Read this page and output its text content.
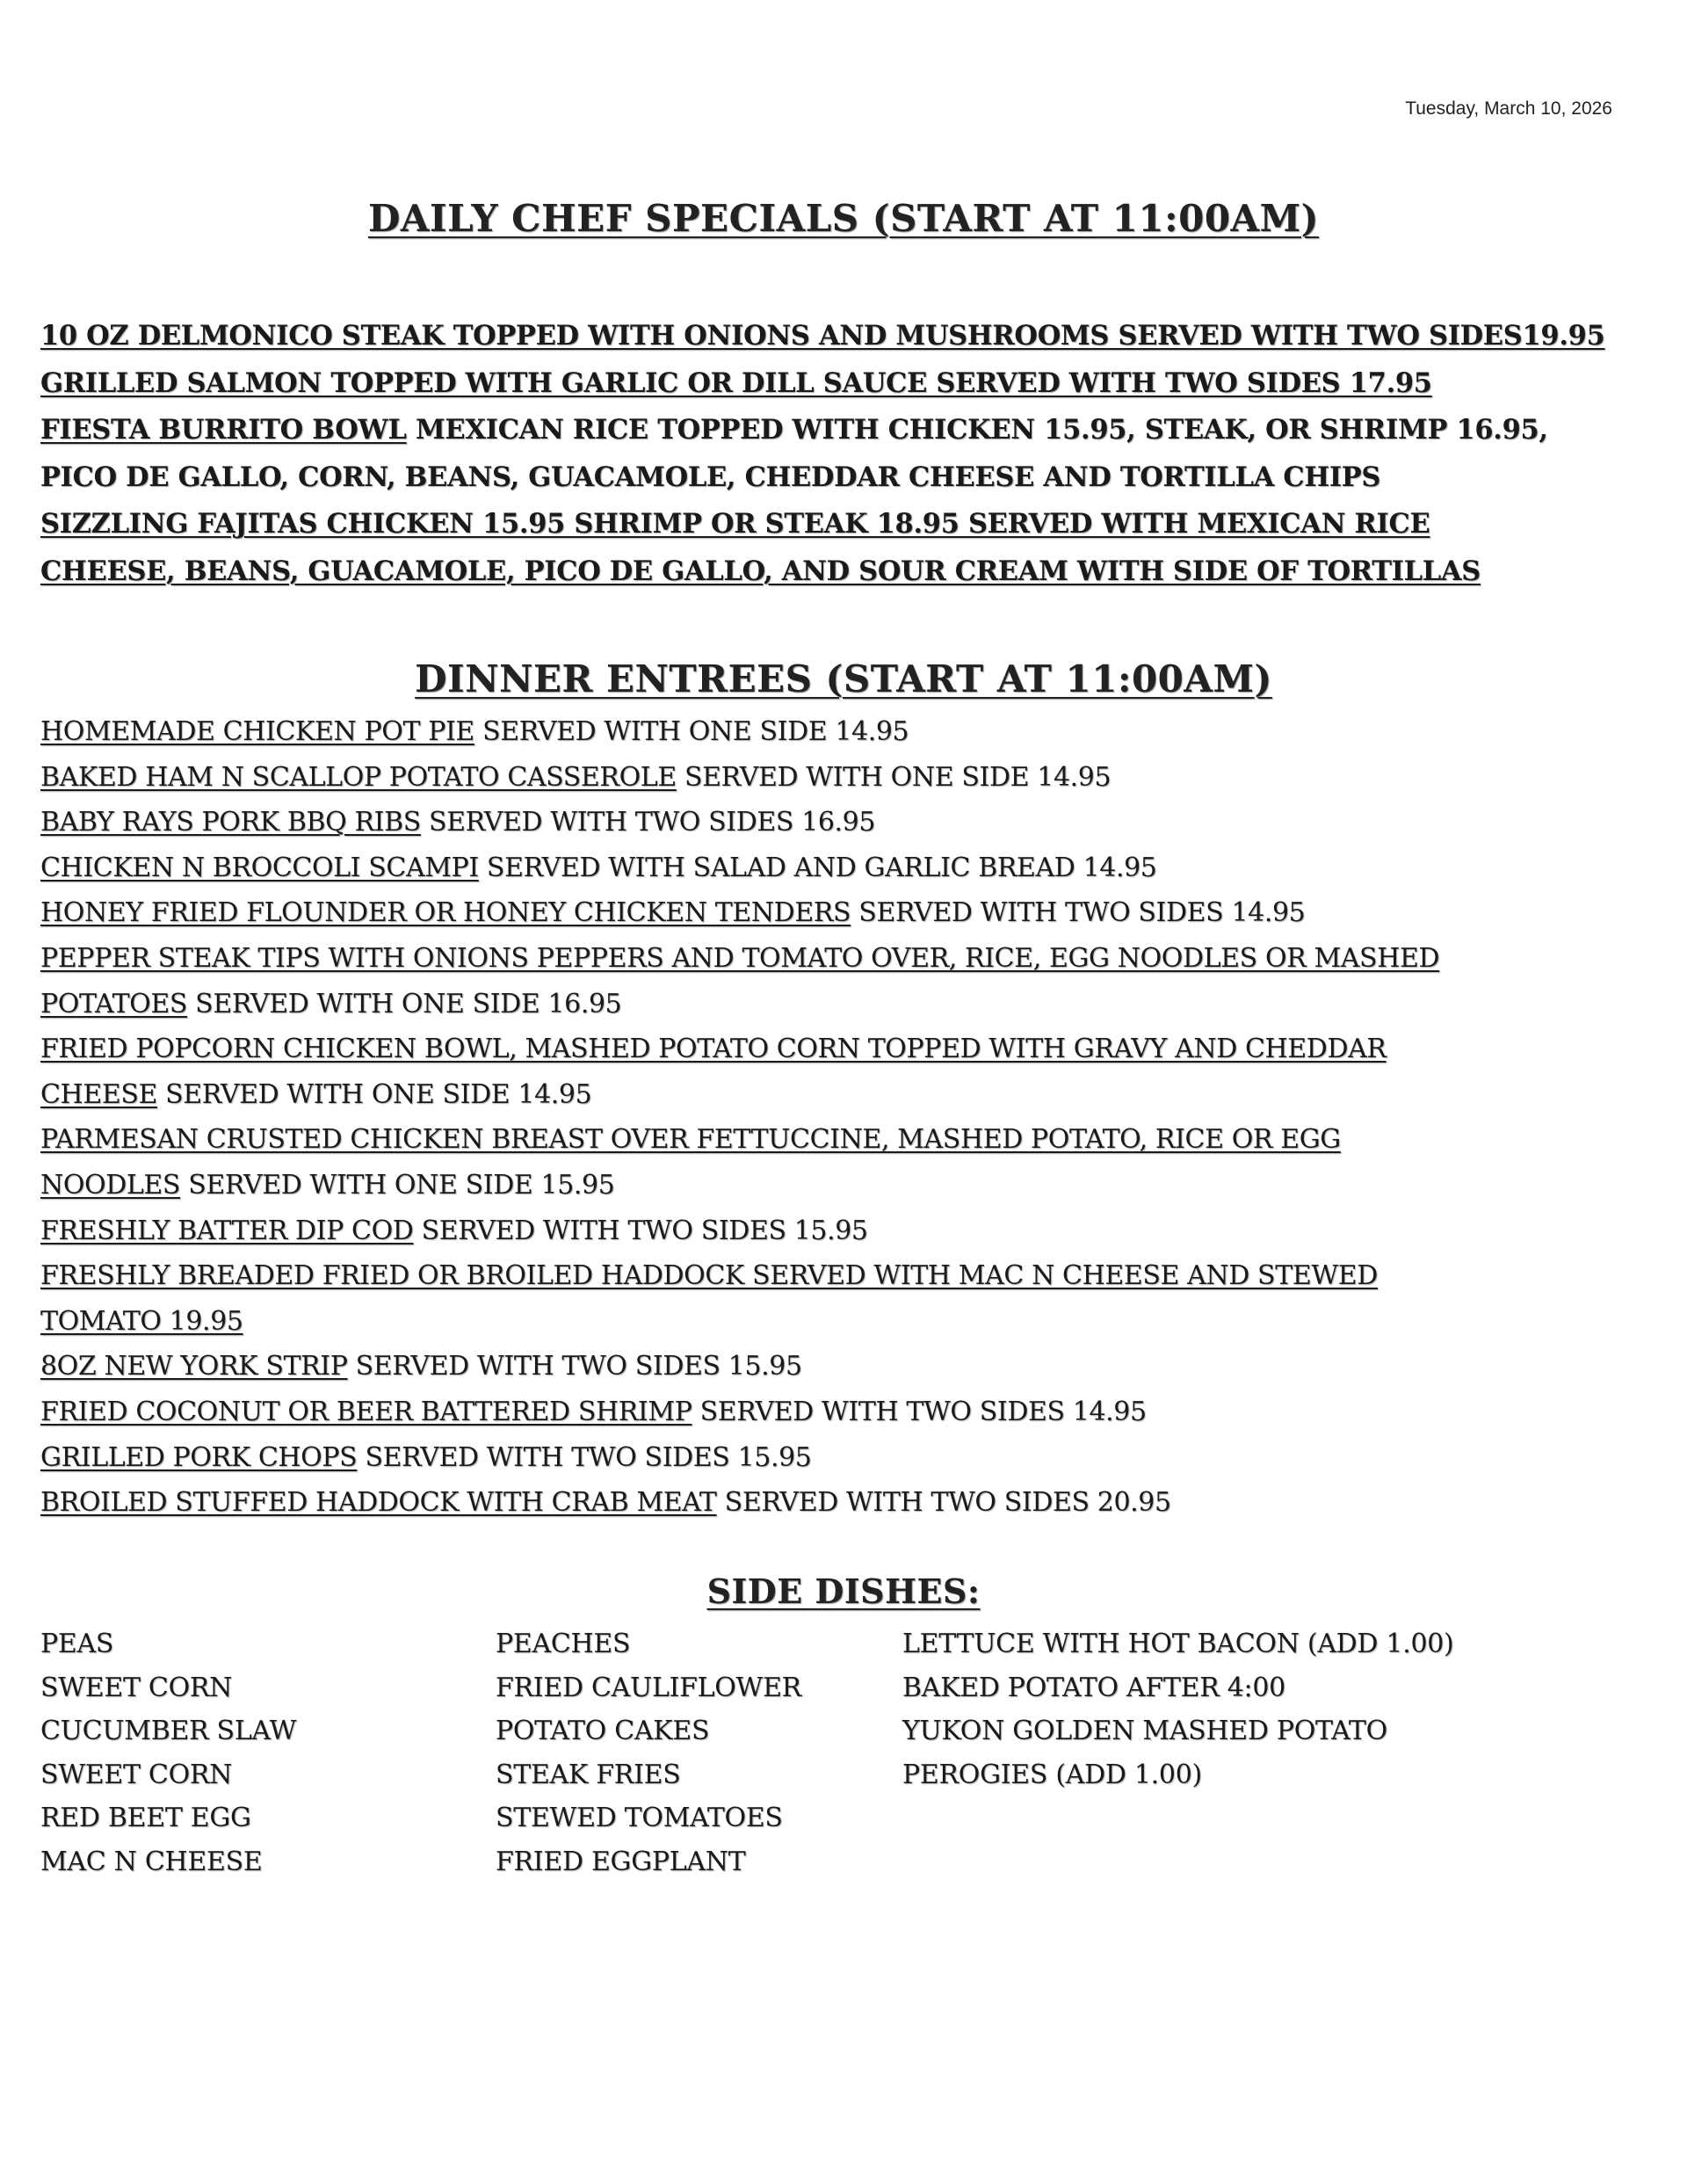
Tuesday, March 10, 2026
DAILY CHEF SPECIALS (START AT 11:00AM)
10 OZ DELMONICO STEAK TOPPED WITH ONIONS AND MUSHROOMS SERVED WITH TWO SIDES19.95
GRILLED SALMON TOPPED WITH GARLIC OR DILL SAUCE SERVED WITH TWO SIDES 17.95
FIESTA BURRITO BOWL MEXICAN RICE TOPPED WITH CHICKEN 15.95, STEAK, OR SHRIMP 16.95,
PICO DE GALLO, CORN, BEANS, GUACAMOLE, CHEDDAR CHEESE AND TORTILLA CHIPS
SIZZLING FAJITAS CHICKEN 15.95 SHRIMP OR STEAK 18.95 SERVED WITH MEXICAN RICE
CHEESE, BEANS, GUACAMOLE, PICO DE GALLO, AND SOUR CREAM WITH SIDE OF TORTILLAS
DINNER ENTREES (START AT 11:00AM)
HOMEMADE CHICKEN POT PIE SERVED WITH ONE SIDE 14.95
BAKED HAM N SCALLOP POTATO CASSEROLE SERVED WITH ONE SIDE 14.95
BABY RAYS PORK BBQ RIBS SERVED WITH TWO SIDES 16.95
CHICKEN N BROCCOLI SCAMPI SERVED WITH SALAD AND GARLIC BREAD 14.95
HONEY FRIED FLOUNDER OR HONEY CHICKEN TENDERS SERVED WITH TWO SIDES 14.95
PEPPER STEAK TIPS WITH ONIONS PEPPERS AND TOMATO OVER, RICE, EGG NOODLES OR MASHED
POTATOES SERVED WITH ONE SIDE 16.95
FRIED POPCORN CHICKEN BOWL, MASHED POTATO CORN TOPPED WITH GRAVY AND CHEDDAR
CHEESE SERVED WITH ONE SIDE 14.95
PARMESAN CRUSTED CHICKEN BREAST OVER FETTUCCINE, MASHED POTATO, RICE OR EGG
NOODLES SERVED WITH ONE SIDE 15.95
FRESHLY BATTER DIP COD SERVED WITH TWO SIDES 15.95
FRESHLY BREADED FRIED OR BROILED HADDOCK SERVED WITH MAC N CHEESE AND STEWED
TOMATO 19.95
8OZ NEW YORK STRIP SERVED WITH TWO SIDES 15.95
FRIED COCONUT OR BEER BATTERED SHRIMP SERVED WITH TWO SIDES 14.95
GRILLED PORK CHOPS SERVED WITH TWO SIDES 15.95
BROILED STUFFED HADDOCK WITH CRAB MEAT SERVED WITH TWO SIDES 20.95
SIDE DISHES:
PEAS
SWEET CORN
CUCUMBER SLAW
SWEET CORN
RED BEET EGG
MAC N CHEESE
PEACHES
FRIED CAULIFLOWER
POTATO CAKES
STEAK FRIES
STEWED TOMATOES
FRIED EGGPLANT
LETTUCE WITH HOT BACON (ADD 1.00)
BAKED POTATO AFTER 4:00
YUKON GOLDEN MASHED POTATO
PEROGIES (ADD 1.00)
